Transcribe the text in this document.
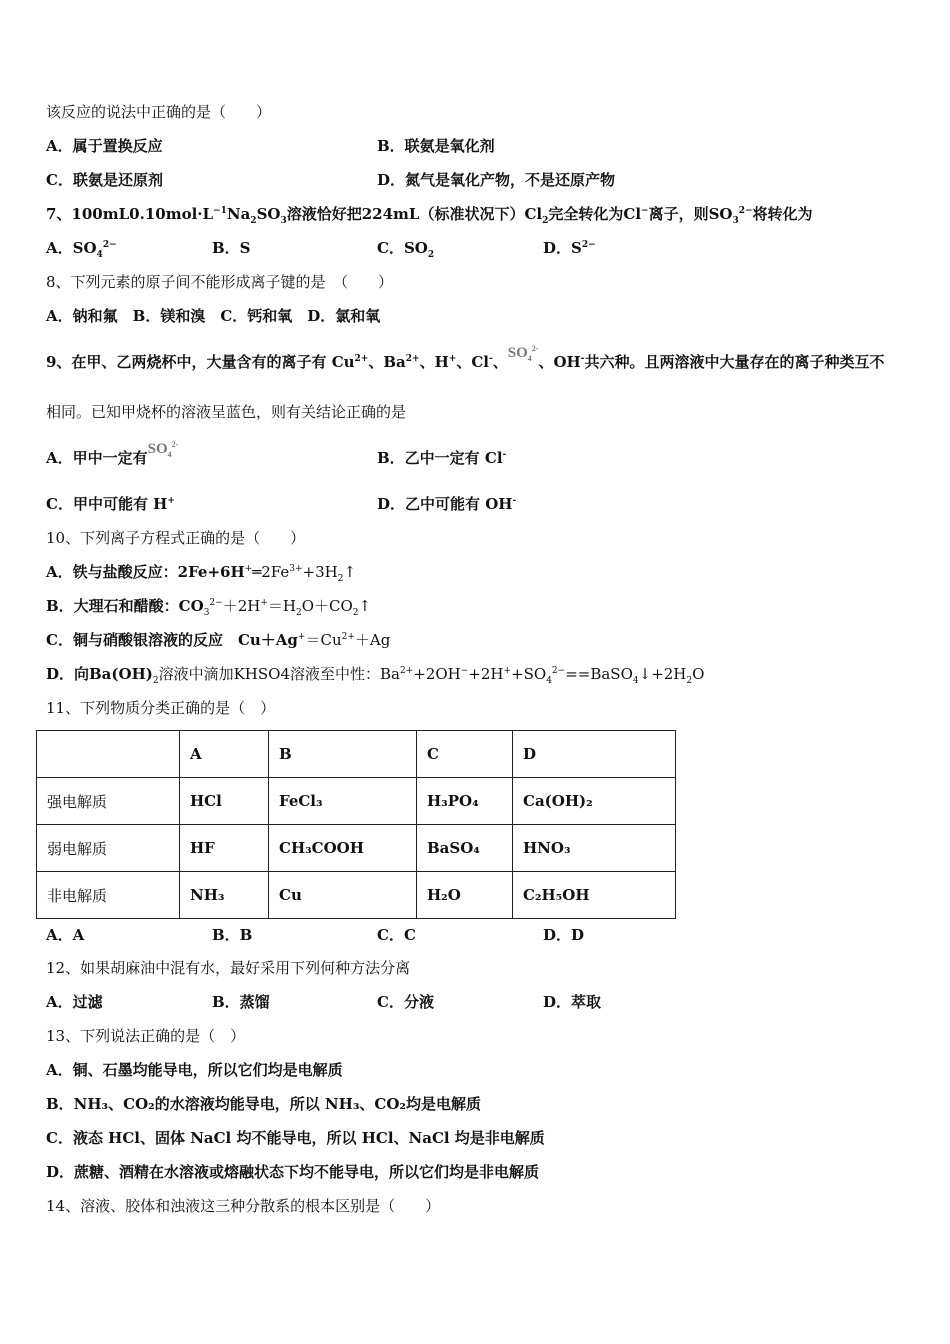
该反应的说法中正确的是（　　）
A．属于置换反应	B．联氨是氧化剂
C．联氨是还原剂	D．氮气是氧化产物，不是还原产物
7、$100mL0.10mol\cdot L^{-1}Na_2SO_3$溶液恰好把224mL（标准状况下）$Cl_2$完全转化为Cl−离子，则$SO_3^{2-}$将转化为
A．$SO_4^{2-}$	B．S	C．$SO_2$	D．$S^{2-}$
8、下列元素的原子间不能形成离子键的是　（　　）
A．钠和氟　B．镁和溴　C．钙和氧　D．氯和氧
9、在甲、乙两烧杯中，大量含有的离子有 $Cu^{2+}$、$Ba^{2+}$、H+、Cl-、$SO_4^{2-}$、OH-共六种。且两溶液中大量存在的离子种类互不
相同。已知甲烧杯的溶液呈蓝色，则有关结论正确的是
A．甲中一定有$SO_4^{2-}$
B．乙中一定有 Cl-
C．甲中可能有 H+	D．乙中可能有 OH-
10、下列离子方程式正确的是（　　）
A．铁与盐酸反应：$2Fe+6H^+═2Fe^{3+}+3H_2↑$
B．大理石和醋酸：$CO_3^{2-}+2H^+=H_2O+CO_2↑$
C．铜与硝酸银溶液的反应　$Cu+Ag^+=Cu^{2+}+Ag$
D．向$Ba(OH)_2$溶液中滴加KHSO4溶液至中性：$Ba^{2+}+2OH^-+2H^++SO_4^{2-}==BaSO_4↓+2H_2O$
11、下列物质分类正确的是（　）
	A	B	C	D
强电解质	HCl	FeCl₃	H₃PO₄	Ca(OH)₂
弱电解质	HF	CH₃COOH	BaSO₄	HNO₃
非电解质	NH₃	Cu	H₂O	C₂H₅OH
A．A	B．B	C．C	D．D
12、如果胡麻油中混有水，最好采用下列何种方法分离
A．过滤	B．蒸馏	C．分液	D．萃取
13、下列说法正确的是（　）
A．铜、石墨均能导电，所以它们均是电解质
B．NH₃、CO₂的水溶液均能导电，所以 NH₃、CO₂均是电解质
C．液态 HCl、固体 NaCl 均不能导电，所以 HCl、NaCl 均是非电解质
D．蔗糖、酒精在水溶液或熔融状态下均不能导电，所以它们均是非电解质
14、溶液、胶体和浊液这三种分散系的根本区别是（　　）
